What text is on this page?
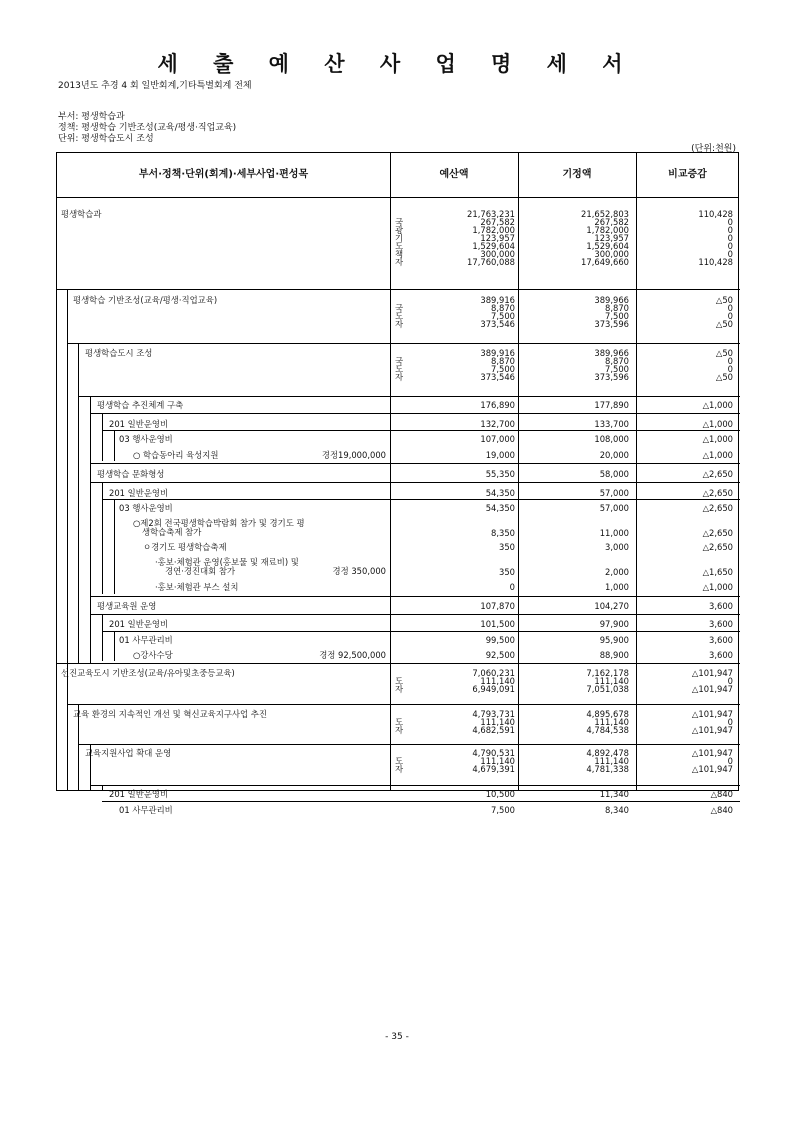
세 출 예 산 사 업 명 세 서
2013년도 추경 4 회 일반회계,기타특별회계 전체
부서: 평생학습과
정책: 평생학습 기반조성(교육/평생·직업교육)
단위: 평생학습도시 조성
(단위:천원)
부서·정책·단위(회계)·세부사업·편성목	예산액	기정액	비교증감
평생학습과	21,763,231	21,652,803	110,428
국	267,582	267,582	0
광	1,782,000	1,782,000	0
기	123,957	123,957	0
도	1,529,604	1,529,604	0
책	300,000	300,000	0
자	17,760,088	17,649,660	110,428
평생학습 기반조성(교육/평생·직업교육)	389,916	389,966	△50
국	8,870	8,870	0
도	7,500	7,500	0
자	373,546	373,596	△50
평생학습도시 조성	389,916	389,966	△50
국	8,870	8,870	0
도	7,500	7,500	0
자	373,546	373,596	△50
평생학습 추진체계 구축	176,890	177,890	△1,000
201 일반운영비	132,700	133,700	△1,000
03 행사운영비	107,000	108,000	△1,000
○ 학습동아리 육성지원	경정19,000,000	19,000	20,000	△1,000
평생학습 문화형성	55,350	58,000	△2,650
201 일반운영비	54,350	57,000	△2,650
03 행사운영비	54,350	57,000	△2,650
○제2회 전국평생학습박람회 참가 및 경기도 평
생학습축제 참가	8,350	11,000	△2,650
ㅇ경기도 평생학습축제	350	3,000	△2,650
·홍보·체험관 운영(홍보물 및 재료비) 및
경연·경진대회 참가	경정 350,000	350	2,000	△1,650
·홍보·체험관 부스 설치	0	1,000	△1,000
평생교육원 운영	107,870	104,270	3,600
201 일반운영비	101,500	97,900	3,600
01 사무관리비	99,500	95,900	3,600
○강사수당	경정 92,500,000	92,500	88,900	3,600
선진교육도시 기반조성(교육/유아및초중등교육)	7,060,231	7,162,178	△101,947
도	111,140	111,140	0
자	6,949,091	7,051,038	△101,947
교육 환경의 지속적인 개선 및 혁신교육지구사업 추진	4,793,731	4,895,678	△101,947
도	111,140	111,140	0
자	4,682,591	4,784,538	△101,947
교육지원사업 확대 운영	4,790,531	4,892,478	△101,947
도	111,140	111,140	0
자	4,679,391	4,781,338	△101,947
201 일반운영비	10,500	11,340	△840
01 사무관리비	7,500	8,340	△840
- 35 -
